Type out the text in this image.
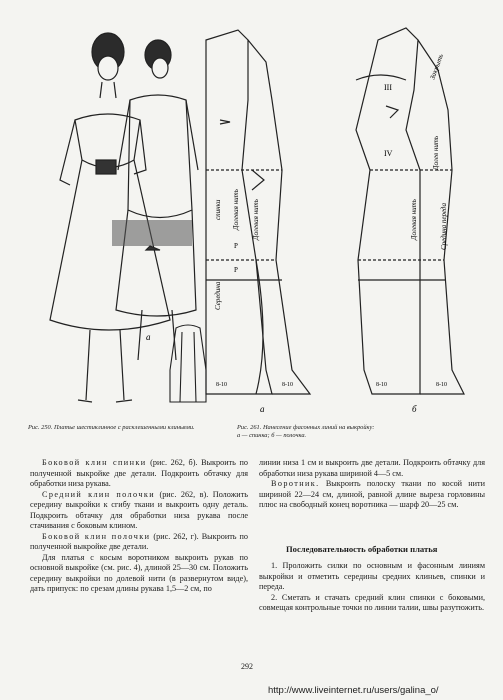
а
Середина
спинки Долевая нить Долевая нить	Долевая нить	Средина переда
Долев нить
III
IV
Закрыть
8-10	8-10	8-10	8-10
Р
Р
а	б
Рис. 250. Платье шестиклинное с расклешенными клиньями.	Рис. 261. Нанесение фасонных линий на выкройку:
а — спинка; б — полочка.

Боковой клин спинки (рис. 262, б). Выкроить по полученной выкройке две детали. Подкроить обтачку для обработки низа рукава.

Средний клин полочки (рис. 262, в). Положить середину выкройки к сгибу ткани и выкроить одну деталь. Подкроить обтачку для обработки низа рукава после стачивания с боковым клином.

Боковой клин полочки (рис. 262, г). Выкроить по полученной выкройке две детали.

Для платья с косым воротником выкроить рукав по основной выкройке (см. рис. 4), длиной 25—30 см. Положить середину выкройки по долевой нити (в развернутом виде), дать припуск: по срезам длины рукава 1,5—2 см, по

линии низа 1 см и выкроить две детали. Подкроить обтачку для обработки низа рукава шириной 4—5 см.

Воротник. Выкроить полоску ткани по косой нити шириной 22—24 см, длиной, равной длине выреза горловины плюс на свободный конец воротника — шарф 20—25 см.

Последовательность обработки платья

1. Проложить силки по основным и фасонным линиям выкройки и отметить середины средних клиньев, спинки и переда.

2. Сметать и стачать средний клин спинки с боковыми, совмещая контрольные точки по линии талии, швы разутюжить.

292
http://www.liveinternet.ru/users/galina_o/
